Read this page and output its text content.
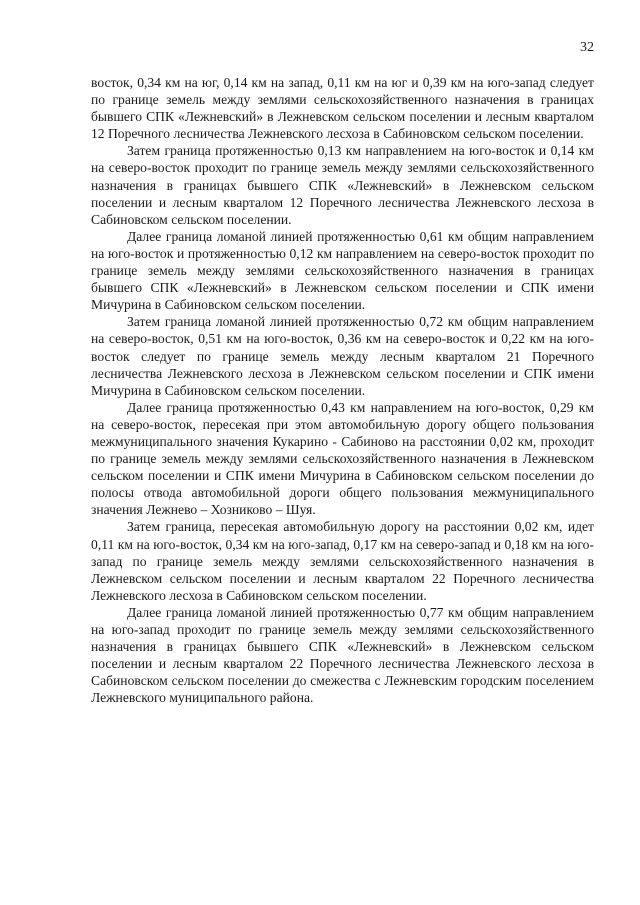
32

восток, 0,34 км на юг, 0,14 км на запад, 0,11 км на юг и 0,39 км на юго-запад следует по границе земель между землями сельскохозяйственного назначения в границах бывшего СПК «Лежневский» в Лежневском сельском поселении и лесным кварталом 12 Поречного лесничества Лежневского лесхоза в Сабиновском сельском поселении.

Затем граница протяженностью 0,13 км направлением на юго-восток и 0,14 км на северо-восток проходит по границе земель между землями сельскохозяйственного назначения в границах бывшего СПК «Лежневский» в Лежневском сельском поселении и лесным кварталом 12 Поречного лесничества Лежневского лесхоза в Сабиновском сельском поселении.

Далее граница ломаной линией протяженностью 0,61 км общим направлением на юго-восток и протяженностью 0,12 км направлением на северо-восток проходит по границе земель между землями сельскохозяйственного назначения в границах бывшего СПК «Лежневский» в Лежневском сельском поселении и СПК имени Мичурина в Сабиновском сельском поселении.

Затем граница ломаной линией протяженностью 0,72 км общим направлением на северо-восток, 0,51 км на юго-восток, 0,36 км на северо-восток и 0,22 км на юго-восток следует по границе земель между лесным кварталом 21 Поречного лесничества Лежневского лесхоза в Лежневском сельском поселении и СПК имени Мичурина в Сабиновском сельском поселении.

Далее граница протяженностью 0,43 км направлением на юго-восток, 0,29 км на северо-восток, пересекая при этом автомобильную дорогу общего пользования межмуниципального значения Кукарино - Сабиново на расстоянии 0,02 км, проходит по границе земель между землями сельскохозяйственного назначения в Лежневском сельском поселении и СПК имени Мичурина в Сабиновском сельском поселении до полосы отвода автомобильной дороги общего пользования межмуниципального значения Лежнево – Хозниково – Шуя.

Затем граница, пересекая автомобильную дорогу на расстоянии 0,02 км, идет 0,11 км на юго-восток, 0,34 км на юго-запад, 0,17 км на северо-запад и 0,18 км на юго-запад по границе земель между землями сельскохозяйственного назначения в Лежневском сельском поселении и лесным кварталом 22 Поречного лесничества Лежневского лесхоза в Сабиновском сельском поселении.

Далее граница ломаной линией протяженностью 0,77 км общим направлением на юго-запад проходит по границе земель между землями сельскохозяйственного назначения в границах бывшего СПК «Лежневский» в Лежневском сельском поселении и лесным кварталом 22 Поречного лесничества Лежневского лесхоза в Сабиновском сельском поселении до смежества с Лежневским городским поселением Лежневского муниципального района.
